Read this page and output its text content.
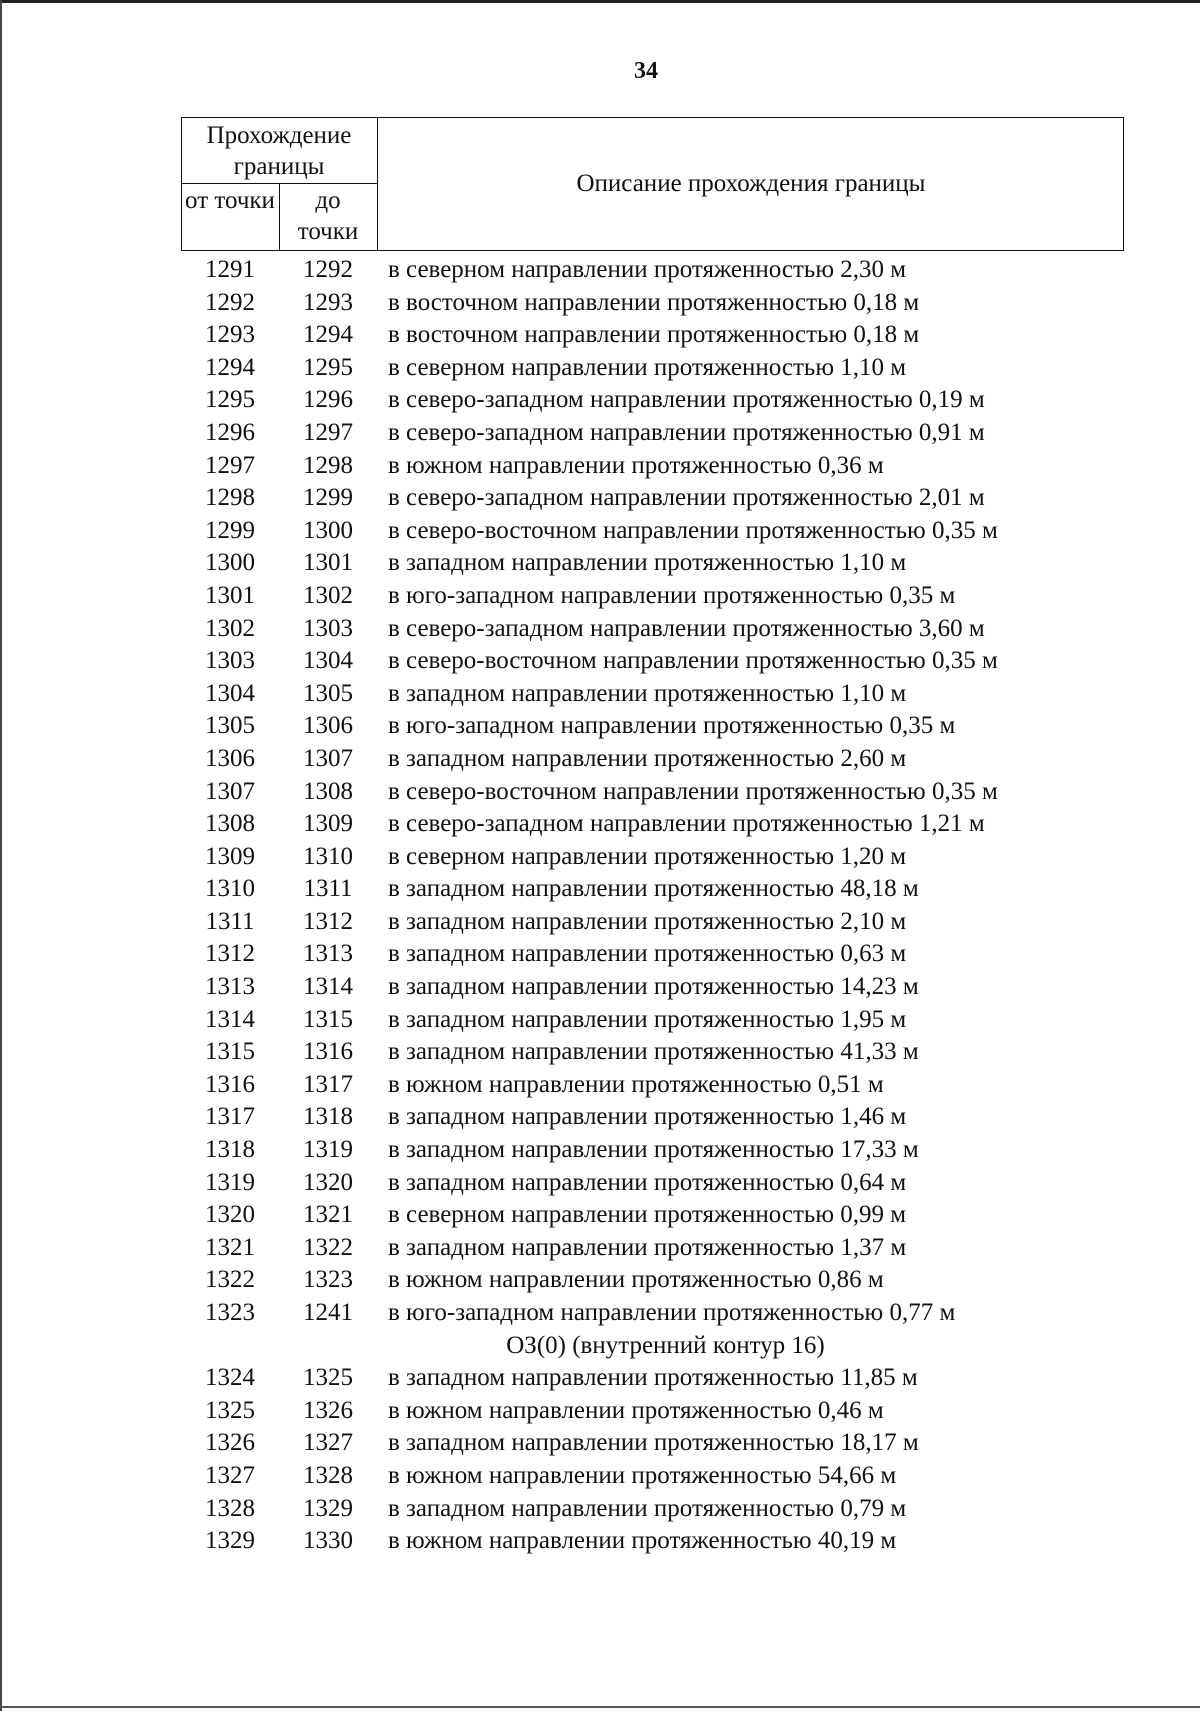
34
Прохождение границы
от точки	до точки
Описание прохождения границы
1291	1292	в северном направлении протяженностью 2,30 м
1292	1293	в восточном направлении протяженностью 0,18 м
1293	1294	в восточном направлении протяженностью 0,18 м
1294	1295	в северном направлении протяженностью 1,10 м
1295	1296	в северо-западном направлении протяженностью 0,19 м
1296	1297	в северо-западном направлении протяженностью 0,91 м
1297	1298	в южном направлении протяженностью 0,36 м
1298	1299	в северо-западном направлении протяженностью 2,01 м
1299	1300	в северо-восточном направлении протяженностью 0,35 м
1300	1301	в западном направлении протяженностью 1,10 м
1301	1302	в юго-западном направлении протяженностью 0,35 м
1302	1303	в северо-западном направлении протяженностью 3,60 м
1303	1304	в северо-восточном направлении протяженностью 0,35 м
1304	1305	в западном направлении протяженностью 1,10 м
1305	1306	в юго-западном направлении протяженностью 0,35 м
1306	1307	в западном направлении протяженностью 2,60 м
1307	1308	в северо-восточном направлении протяженностью 0,35 м
1308	1309	в северо-западном направлении протяженностью 1,21 м
1309	1310	в северном направлении протяженностью 1,20 м
1310	1311	в западном направлении протяженностью 48,18 м
1311	1312	в западном направлении протяженностью 2,10 м
1312	1313	в западном направлении протяженностью 0,63 м
1313	1314	в западном направлении протяженностью 14,23 м
1314	1315	в западном направлении протяженностью 1,95 м
1315	1316	в западном направлении протяженностью 41,33 м
1316	1317	в южном направлении протяженностью 0,51 м
1317	1318	в западном направлении протяженностью 1,46 м
1318	1319	в западном направлении протяженностью 17,33 м
1319	1320	в западном направлении протяженностью 0,64 м
1320	1321	в северном направлении протяженностью 0,99 м
1321	1322	в западном направлении протяженностью 1,37 м
1322	1323	в южном направлении протяженностью 0,86 м
1323	1241	в юго-западном направлении протяженностью 0,77 м
ОЗ(0) (внутренний контур 16)
1324	1325	в западном направлении протяженностью 11,85 м
1325	1326	в южном направлении протяженностью 0,46 м
1326	1327	в западном направлении протяженностью 18,17 м
1327	1328	в южном направлении протяженностью 54,66 м
1328	1329	в западном направлении протяженностью 0,79 м
1329	1330	в южном направлении протяженностью 40,19 м
